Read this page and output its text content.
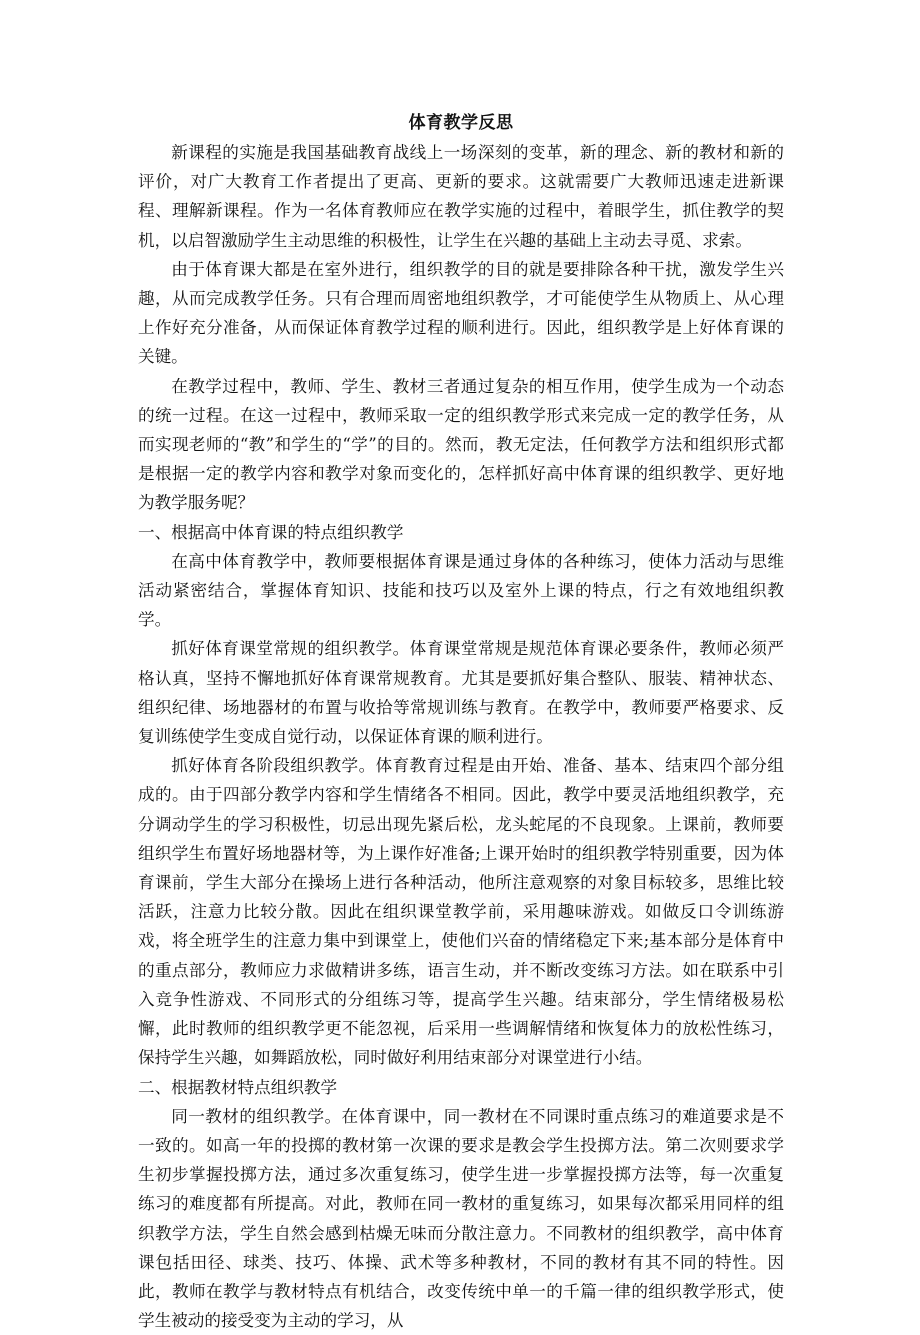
体育教学反思

新课程的实施是我国基础教育战线上一场深刻的变革，新的理念、新的教材和新的评价，对广大教育工作者提出了更高、更新的要求。这就需要广大教师迅速走进新课程、理解新课程。作为一名体育教师应在教学实施的过程中，着眼学生，抓住教学的契机，以启智激励学生主动思维的积极性，让学生在兴趣的基础上主动去寻觅、求索。

由于体育课大都是在室外进行，组织教学的目的就是要排除各种干扰，激发学生兴趣，从而完成教学任务。只有合理而周密地组织教学，才可能使学生从物质上、从心理上作好充分准备，从而保证体育教学过程的顺利进行。因此，组织教学是上好体育课的关键。

在教学过程中，教师、学生、教材三者通过复杂的相互作用，使学生成为一个动态的统一过程。在这一过程中，教师采取一定的组织教学形式来完成一定的教学任务，从而实现老师的“教”和学生的“学”的目的。然而，教无定法，任何教学方法和组织形式都是根据一定的教学内容和教学对象而变化的，怎样抓好高中体育课的组织教学、更好地为教学服务呢？

一、根据高中体育课的特点组织教学

在高中体育教学中，教师要根据体育课是通过身体的各种练习，使体力活动与思维活动紧密结合，掌握体育知识、技能和技巧以及室外上课的特点，行之有效地组织教学。

抓好体育课堂常规的组织教学。体育课堂常规是规范体育课必要条件，教师必须严格认真，坚持不懈地抓好体育课常规教育。尤其是要抓好集合整队、服装、精神状态、组织纪律、场地器材的布置与收拾等常规训练与教育。在教学中，教师要严格要求、反复训练使学生变成自觉行动，以保证体育课的顺利进行。

抓好体育各阶段组织教学。体育教育过程是由开始、准备、基本、结束四个部分组成的。由于四部分教学内容和学生情绪各不相同。因此，教学中要灵活地组织教学，充分调动学生的学习积极性，切忌出现先紧后松，龙头蛇尾的不良现象。上课前，教师要组织学生布置好场地器材等，为上课作好准备;上课开始时的组织教学特别重要，因为体育课前，学生大部分在操场上进行各种活动，他所注意观察的对象目标较多，思维比较活跃，注意力比较分散。因此在组织课堂教学前，采用趣味游戏。如做反口令训练游戏，将全班学生的注意力集中到课堂上，使他们兴奋的情绪稳定下来;基本部分是体育中的重点部分，教师应力求做精讲多练，语言生动，并不断改变练习方法。如在联系中引入竞争性游戏、不同形式的分组练习等，提高学生兴趣。结束部分，学生情绪极易松懈，此时教师的组织教学更不能忽视，后采用一些调解情绪和恢复体力的放松性练习，保持学生兴趣，如舞蹈放松，同时做好利用结束部分对课堂进行小结。

二、根据教材特点组织教学

同一教材的组织教学。在体育课中，同一教材在不同课时重点练习的难道要求是不一致的。如高一年的投掷的教材第一次课的要求是教会学生投掷方法。第二次则要求学生初步掌握投掷方法，通过多次重复练习，使学生进一步掌握投掷方法等，每一次重复练习的难度都有所提高。对此，教师在同一教材的重复练习，如果每次都采用同样的组织教学方法，学生自然会感到枯燥无味而分散注意力。不同教材的组织教学，高中体育课包括田径、球类、技巧、体操、武术等多种教材，不同的教材有其不同的特性。因此，教师在教学与教材特点有机结合，改变传统中单一的千篇一律的组织教学形式，使学生被动的接受变为主动的学习，从
